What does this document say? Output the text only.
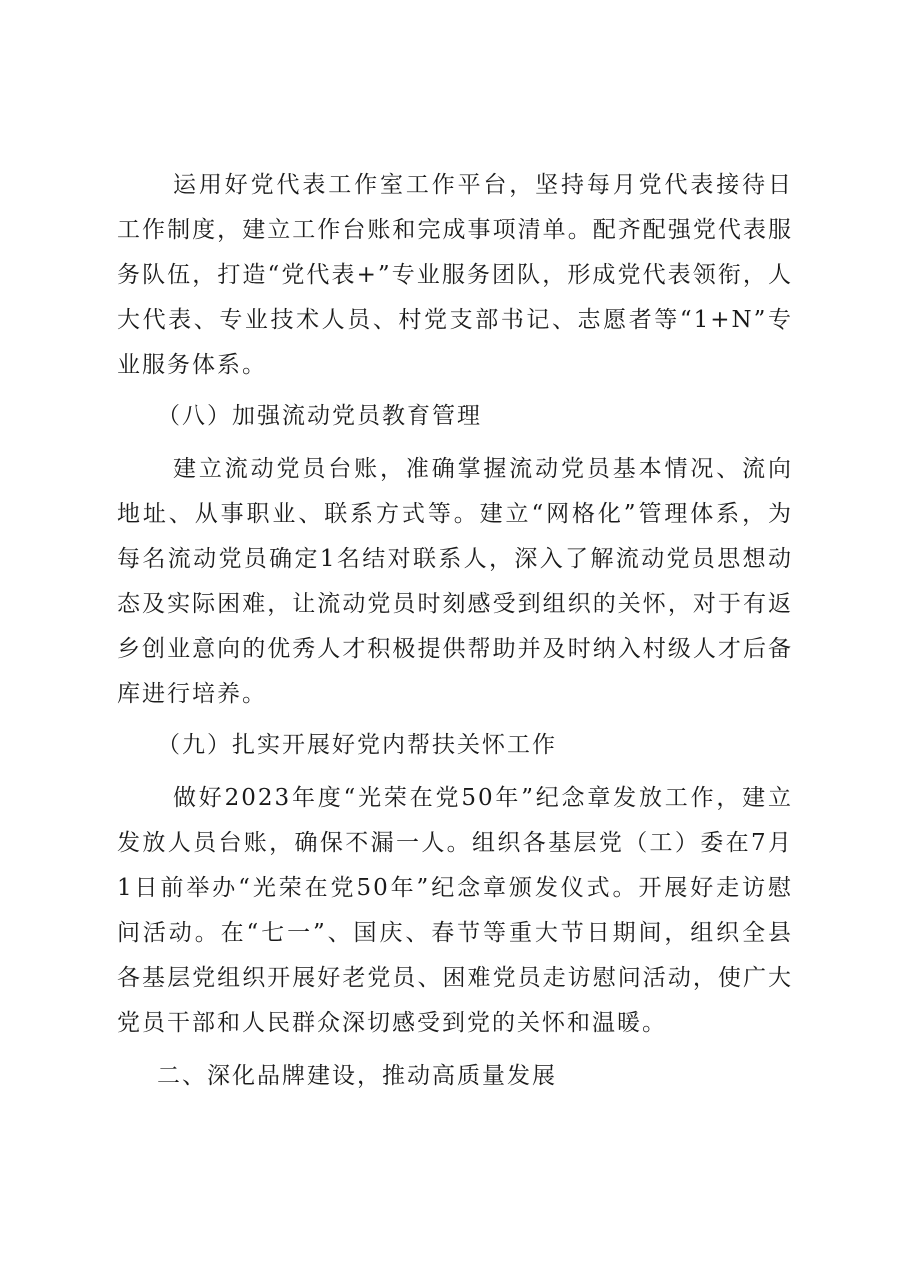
运用好党代表工作室工作平台，坚持每月党代表接待日工作制度，建立工作台账和完成事项清单。配齐配强党代表服务队伍，打造“党代表+”专业服务团队，形成党代表领衔，人大代表、专业技术人员、村党支部书记、志愿者等“1+N”专业服务体系。

（八）加强流动党员教育管理

建立流动党员台账，准确掌握流动党员基本情况、流向地址、从事职业、联系方式等。建立“网格化”管理体系，为每名流动党员确定1名结对联系人，深入了解流动党员思想动态及实际困难，让流动党员时刻感受到组织的关怀，对于有返乡创业意向的优秀人才积极提供帮助并及时纳入村级人才后备库进行培养。

（九）扎实开展好党内帮扶关怀工作

做好2023年度“光荣在党50年”纪念章发放工作，建立发放人员台账，确保不漏一人。组织各基层党（工）委在7月1日前举办“光荣在党50年”纪念章颁发仪式。开展好走访慰问活动。在“七一”、国庆、春节等重大节日期间，组织全县各基层党组织开展好老党员、困难党员走访慰问活动，使广大党员干部和人民群众深切感受到党的关怀和温暖。

二、深化品牌建设，推动高质量发展
